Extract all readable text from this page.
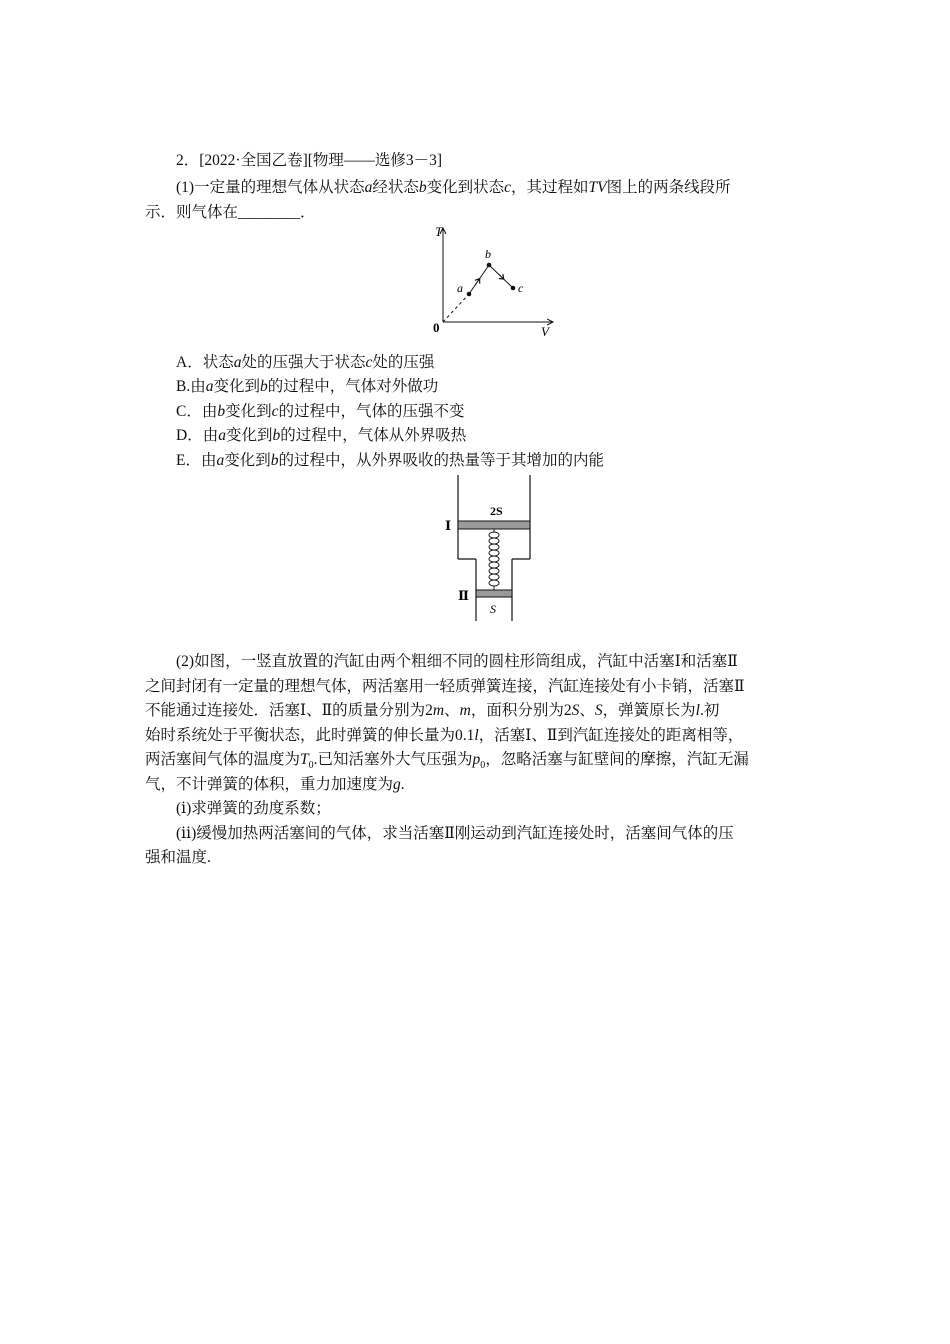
2．[2022·全国乙卷][物理——选修3－3]
(1)一定量的理想气体从状态a经状态b变化到状态c，其过程如TV图上的两条线段所
示．则气体在________．
T
V
0
a
b
c
A．状态a处的压强大于状态c处的压强
B.由a变化到b的过程中，气体对外做功
C．由b变化到c的过程中，气体的压强不变
D．由a变化到b的过程中，气体从外界吸热
E．由a变化到b的过程中，从外界吸收的热量等于其增加的内能
2S
S
Ⅰ
Ⅱ
(2)如图，一竖直放置的汽缸由两个粗细不同的圆柱形筒组成，汽缸中活塞Ⅰ和活塞Ⅱ
之间封闭有一定量的理想气体，两活塞用一轻质弹簧连接，汽缸连接处有小卡销，活塞Ⅱ
不能通过连接处．活塞Ⅰ、Ⅱ的质量分别为2m、m，面积分别为2S、S，弹簧原长为l.初
始时系统处于平衡状态，此时弹簧的伸长量为0.1l，活塞Ⅰ、Ⅱ到汽缸连接处的距离相等，
两活塞间气体的温度为$T_0$.已知活塞外大气压强为$p_0$，忽略活塞与缸壁间的摩擦，汽缸无漏
气，不计弹簧的体积，重力加速度为g.
(ⅰ)求弹簧的劲度系数；
(ⅱ)缓慢加热两活塞间的气体，求当活塞Ⅱ刚运动到汽缸连接处时，活塞间气体的压
强和温度.
